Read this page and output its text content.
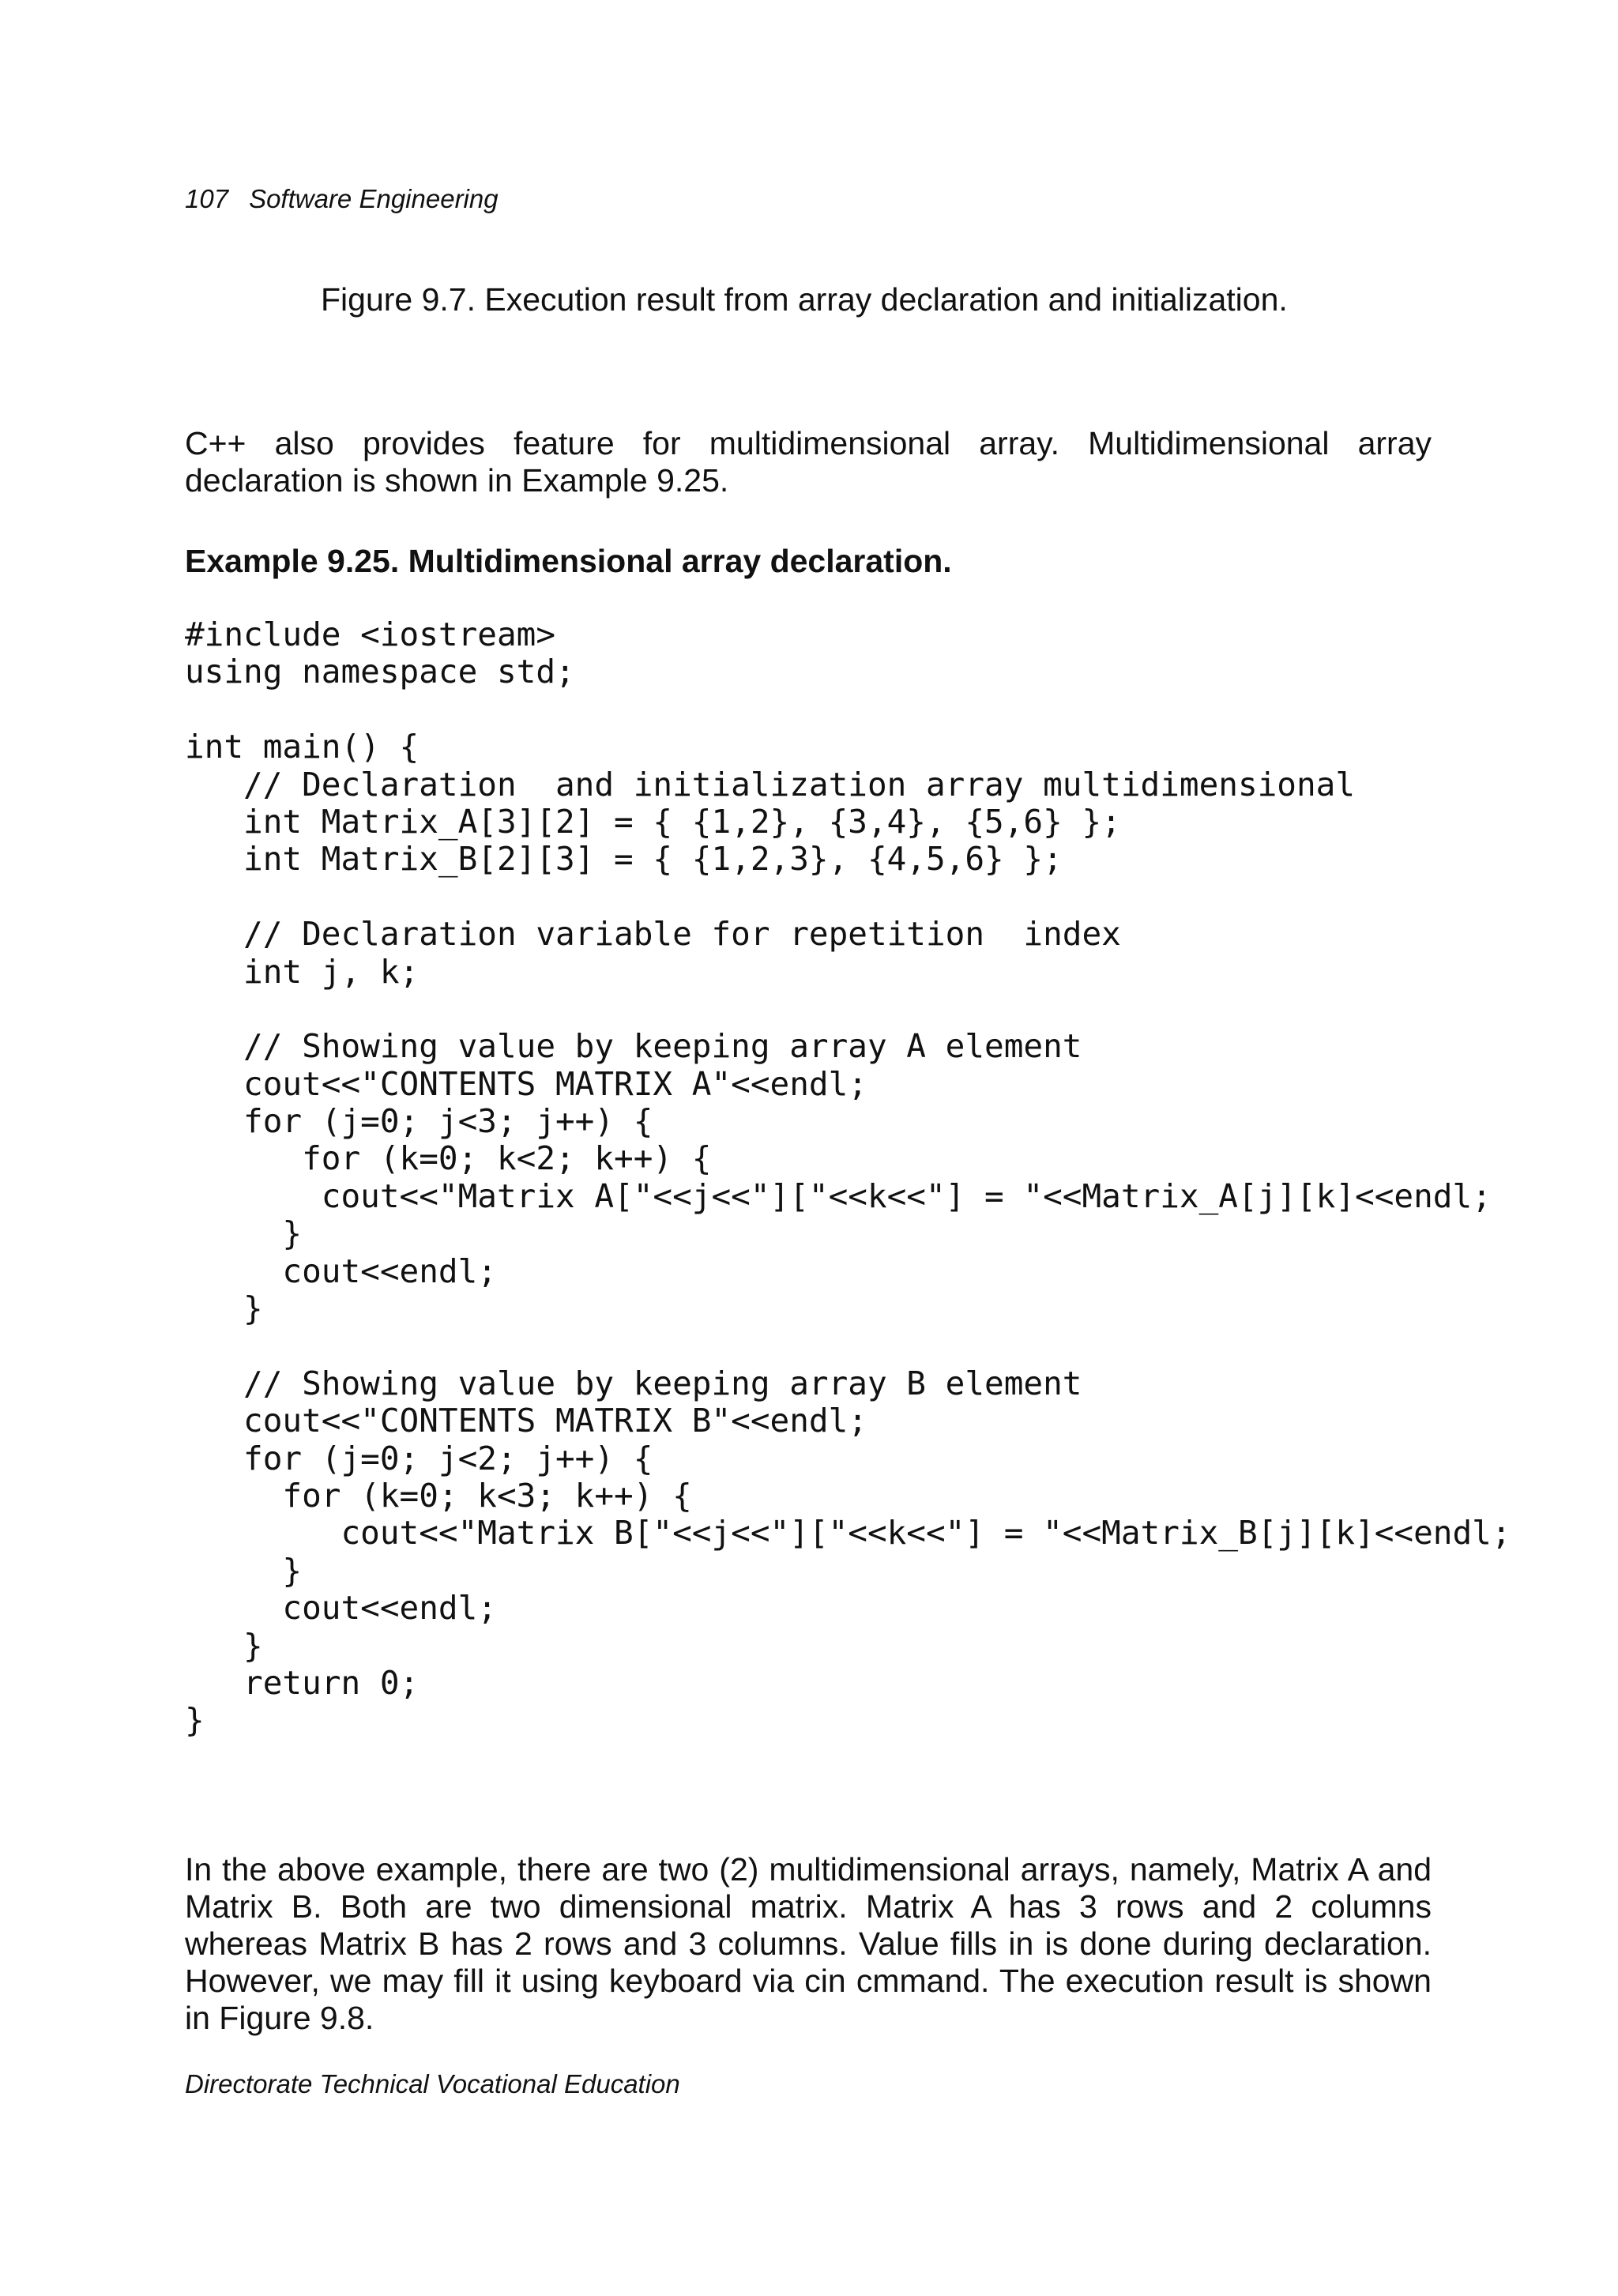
107 Software Engineering
Figure 9.7. Execution result from array declaration and initialization.

C++ also provides feature for multidimensional array. Multidimensional array declaration is shown in Example 9.25.

Example 9.25. Multidimensional array declaration.
#include <iostream>
using namespace std;
int main() {
// Declaration  and initialization array multidimensional
int Matrix_A[3][2] = { {1,2}, {3,4}, {5,6} };
int Matrix_B[2][3] = { {1,2,3}, {4,5,6} };
// Declaration variable for repetition  index
int j, k;
// Showing value by keeping array A element
cout<<"CONTENTS MATRIX A"<<endl;
for (j=0; j<3; j++) {
for (k=0; k<2; k++) {
cout<<"Matrix A["<<j<<"]["<<k<<"] = "<<Matrix_A[j][k]<<endl;
}
cout<<endl;
}
// Showing value by keeping array B element
cout<<"CONTENTS MATRIX B"<<endl;
for (j=0; j<2; j++) {
for (k=0; k<3; k++) {
cout<<"Matrix B["<<j<<"]["<<k<<"] = "<<Matrix_B[j][k]<<endl;
}
cout<<endl;
}
return 0;
}

In the above example, there are two (2) multidimensional arrays, namely, Matrix A and Matrix B. Both are two dimensional matrix. Matrix A has 3 rows and 2 columns whereas Matrix B has 2 rows and 3 columns. Value fills in is done during declaration. However, we may fill it using keyboard via cin cmmand. The execution result is shown in Figure 9.8.

Directorate Technical Vocational Education
